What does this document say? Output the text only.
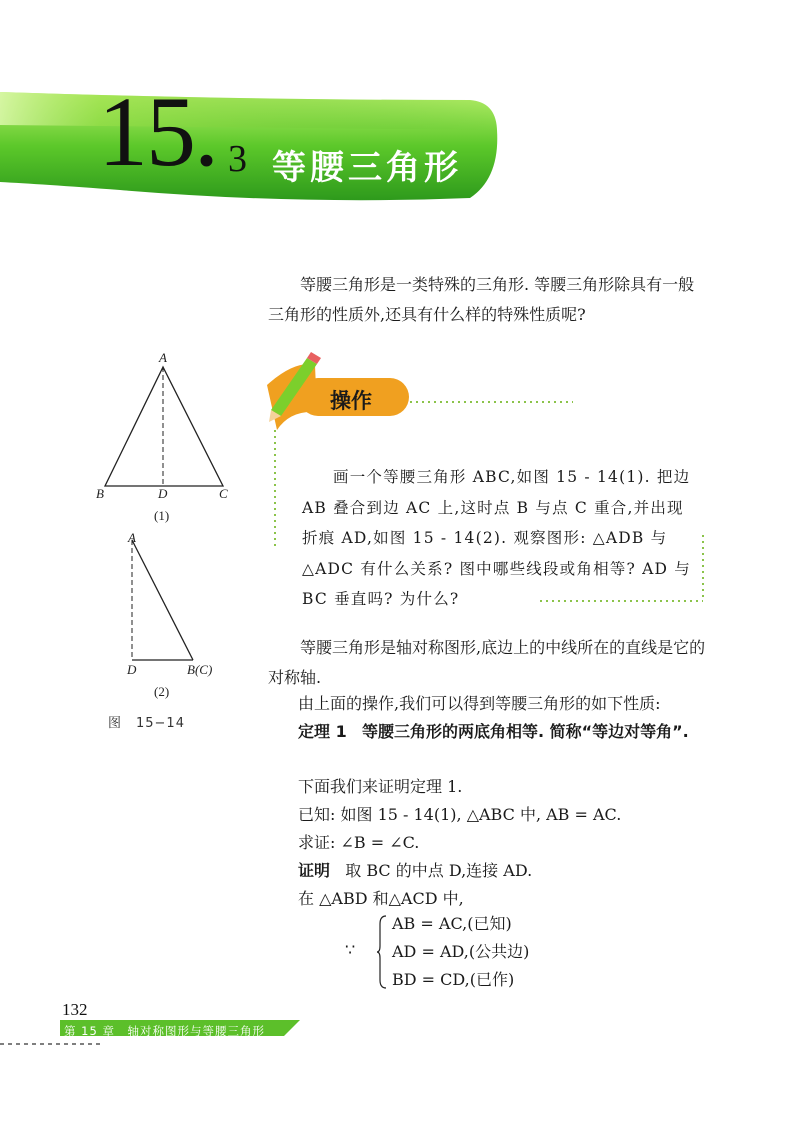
15. 3 等腰三角形
等腰三角形是一类特殊的三角形. 等腰三角形除具有一般三角形的性质外,还具有什么样的特殊性质呢?
操作
画一个等腰三角形 ABC,如图 15 - 14(1). 把边 AB 叠合到边 AC 上,这时点 B 与点 C 重合,并出现折痕 AD,如图 15 - 14(2). 观察图形: △ADB 与 △ADC 有什么关系? 图中哪些线段或角相等? AD 与 BC 垂直吗? 为什么?
A
B	D	C
(1)
A
D	B(C)
(2)
图　15−14
等腰三角形是轴对称图形,底边上的中线所在的直线是它的对称轴.
由上面的操作,我们可以得到等腰三角形的如下性质:
定理 1 等腰三角形的两底角相等. 简称“等边对等角”.
下面我们来证明定理 1.
已知: 如图 15 - 14(1), △ABC 中, AB = AC.
求证: ∠B = ∠C.
证明 取 BC 的中点 D,连接 AD.
在 △ABD 和△ACD 中,
AB = AC,(已知)
∵ AD = AD,(公共边)
BD = CD,(已作)
132
第 15 章　轴对称图形与等腰三角形
